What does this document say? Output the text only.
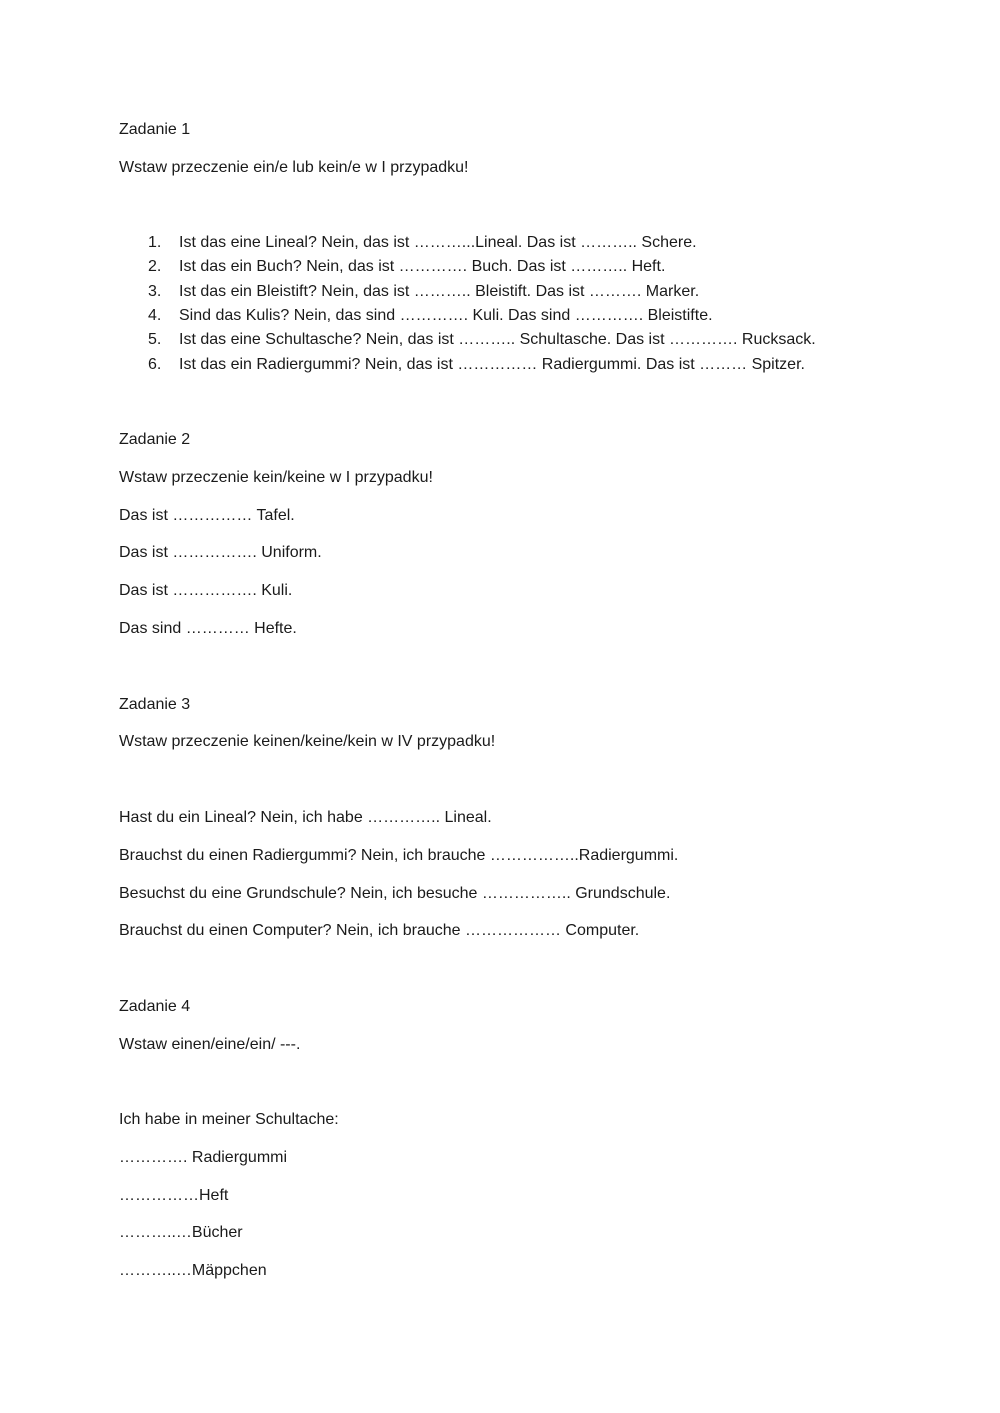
Zadanie 1
Wstaw przeczenie ein/e lub kein/e w I przypadku!
1. Ist das eine Lineal? Nein, das ist ………...Lineal. Das ist ……….. Schere.
2. Ist das ein Buch? Nein, das ist …………. Buch. Das ist ……….. Heft.
3. Ist das ein Bleistift? Nein, das ist ……….. Bleistift. Das ist ………. Marker.
4. Sind das Kulis? Nein, das sind …………. Kuli. Das sind …………. Bleistifte.
5. Ist das eine Schultasche? Nein, das ist ……….. Schultasche. Das ist …………. Rucksack.
6. Ist das ein Radiergummi? Nein, das ist …………… Radiergummi. Das ist ……… Spitzer.
Zadanie 2
Wstaw przeczenie kein/keine w I przypadku!
Das ist …………… Tafel.
Das ist ……………. Uniform.
Das ist ……………. Kuli.
Das sind ………… Hefte.
Zadanie 3
Wstaw przeczenie keinen/keine/kein w IV przypadku!
Hast du ein Lineal? Nein, ich habe ………….. Lineal.
Brauchst du einen Radiergummi? Nein, ich brauche ……………..Radiergummi.
Besuchst du eine Grundschule? Nein, ich besuche …………….. Grundschule.
Brauchst du einen Computer? Nein, ich brauche ……………… Computer.
Zadanie 4
Wstaw einen/eine/ein/ ---.
Ich habe in meiner Schultache:
…………. Radiergummi
……………Heft
………..…Bücher
………..…Mäppchen
